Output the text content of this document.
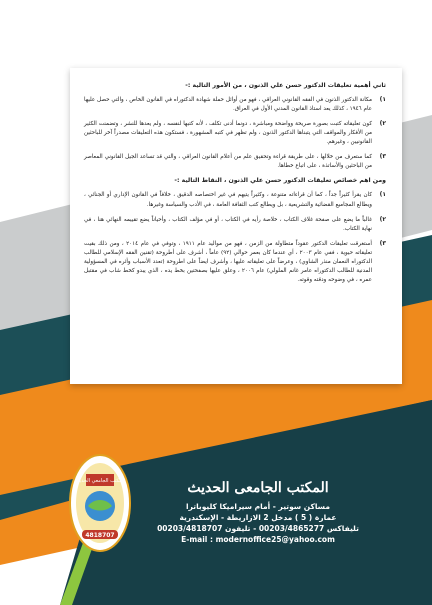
ثاني أهمية تعليقات الدكتور حسن علي الذنون ، من الأمور التالية :-
١)
مكانة الدكتور الذنون في الفقه القانوني العراقي ، فهو من أوائل حملة شهادة الدكتوراه في القانون الخاص ، والتي حصل عليها عام ١٩٤٦ ، كذلك يعد استاذ القانون المدني الأول في العراق.
٢)
كون تعليقاته كتبت بصورة صريحة وواضحة ومباشرة ، دونما أدنى تكلف ، لأنه كتبها لنفسه ، ولم يعدها للنشر ، وتضمنت الكثير من الأفكار والمواقف التي يتبناها الدكتور الذنون ، ولم تظهر في كتبه المشهورة ، فستكون هذه التعليقات مصدراً آخر للباحثين القانونيين ، وغيرهم.
٣)
كما ستعرف من خلالها ، على طريقة قراءة وتحقيق علم من أعلام القانون العراقي ، والتي قد تساعد الجيل القانوني المعاصر من الباحثين والأساتذة ، على اتباع خطاها.
ومن اهم خصائص تعليقات الدكتور حسن علي الذنون ، النقاط التالية :-
١)
كان يقرأ كثيراً جداً ، كما أن قراءاته متنوعة ، وكثيراً يتيهم في غير اختصاصه الدقيق ، خلافاً في القانون الإداري أو الجنائي ، ويطالع المجاميع القضائية والتشريعية ، بل ويطالع كتب الثقافة العامة ، في الأدب والسياسة وغيرها.
٢)
غالباً ما يضع على صفحة غلاف الكتاب ، خلاصة رأيه في الكتاب ، أو في مؤلف الكتاب ، وأحياناً يضع تقييمه النهائي هنا ، في نهاية الكتاب.
٣)
أستغرقت تعليقات الدكتور عقوداً متطاولة من الزمن ، فهو من مواليد عام ١٩١١ ، وتوفي في عام ٢٠١٤ ، ومن ذلك بقيت تعليقاته حيوية ، ففي عام ٢٠٠٣ ، أي عندما كان بعمر حوالي (٩٢) عاماً ، أشرف على أطروحة (تقنين الفقه الإسلامي للطالب الدكتوراه النعمان منذر الشاوي) ، وعرضاً على تعليقاته عليها ، وأشرف ايضاً على اطروحة (تعدد الأسباب وأثره في المسؤولية المدنية للطالب الدكتوراه عامر غانم الملولي) عام ٢٠٠٦ ، وعلق عليها بصفحتين بخط يده ، الذي يبدو كخط شاب في مقتبل عمره ، في وضوحه ودقته وقوته.
المكتب الجامعي الحديث
4818707
المكتب الجامعى الحديث
مساكن سوتير - أمام سيراميكا كليوباترا
عمارة ( 5 ) مدخل 2 الازاريطة - الإسكندرية
تليفاكس 00203/4865277 - تليفون 00203/4818707
E-mail : modernoffice25@yahoo.com
